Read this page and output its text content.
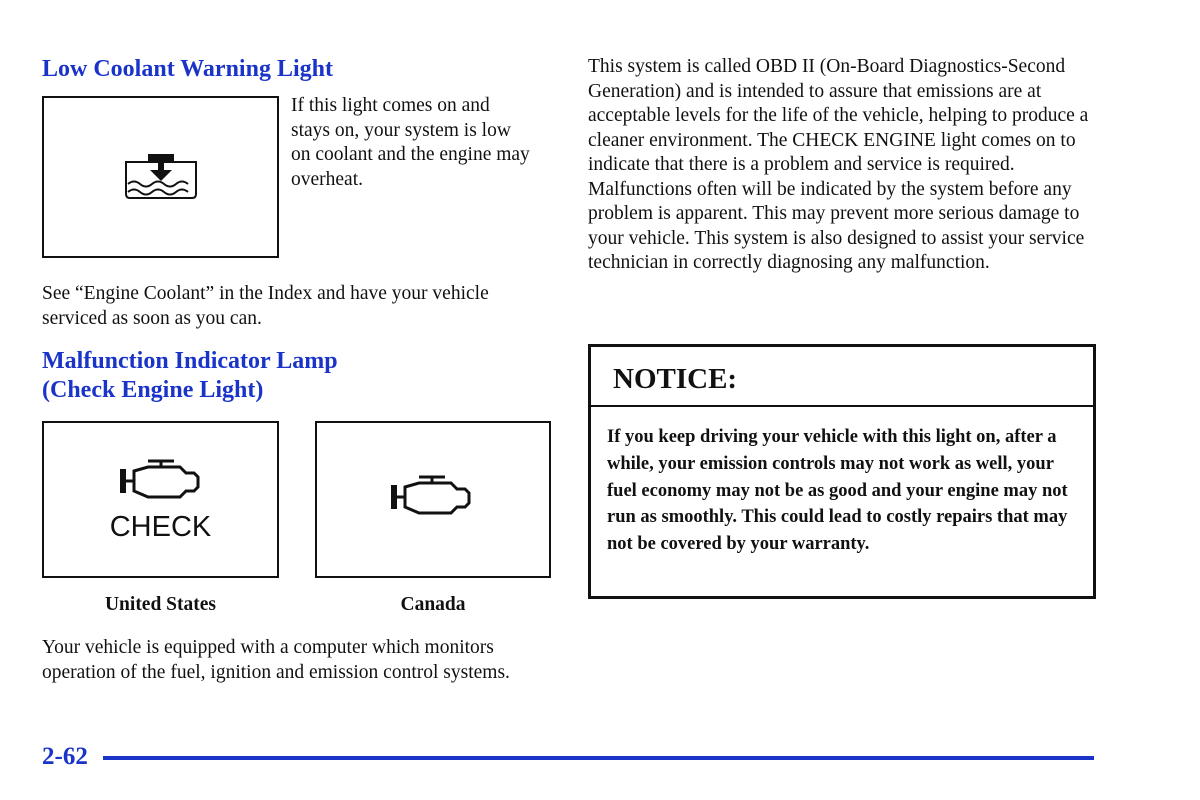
Low Coolant Warning Light

If this light comes on and stays on, your system is low on coolant and the engine may overheat.

See “Engine Coolant” in the Index and have your vehicle serviced as soon as you can.

Malfunction Indicator Lamp
(Check Engine Light)
CHECK
United States	Canada

Your vehicle is equipped with a computer which monitors operation of the fuel, ignition and emission control systems.

This system is called OBD II (On-Board Diagnostics-Second Generation) and is intended to assure that emissions are at acceptable levels for the life of the vehicle, helping to produce a cleaner environment. The CHECK ENGINE light comes on to indicate that there is a problem and service is required. Malfunctions often will be indicated by the system before any problem is apparent. This may prevent more serious damage to your vehicle. This system is also designed to assist your service technician in correctly diagnosing any malfunction.

NOTICE:

If you keep driving your vehicle with this light on, after a while, your emission controls may not work as well, your fuel economy may not be as good and your engine may not run as smoothly. This could lead to costly repairs that may not be covered by your warranty.

2-62
